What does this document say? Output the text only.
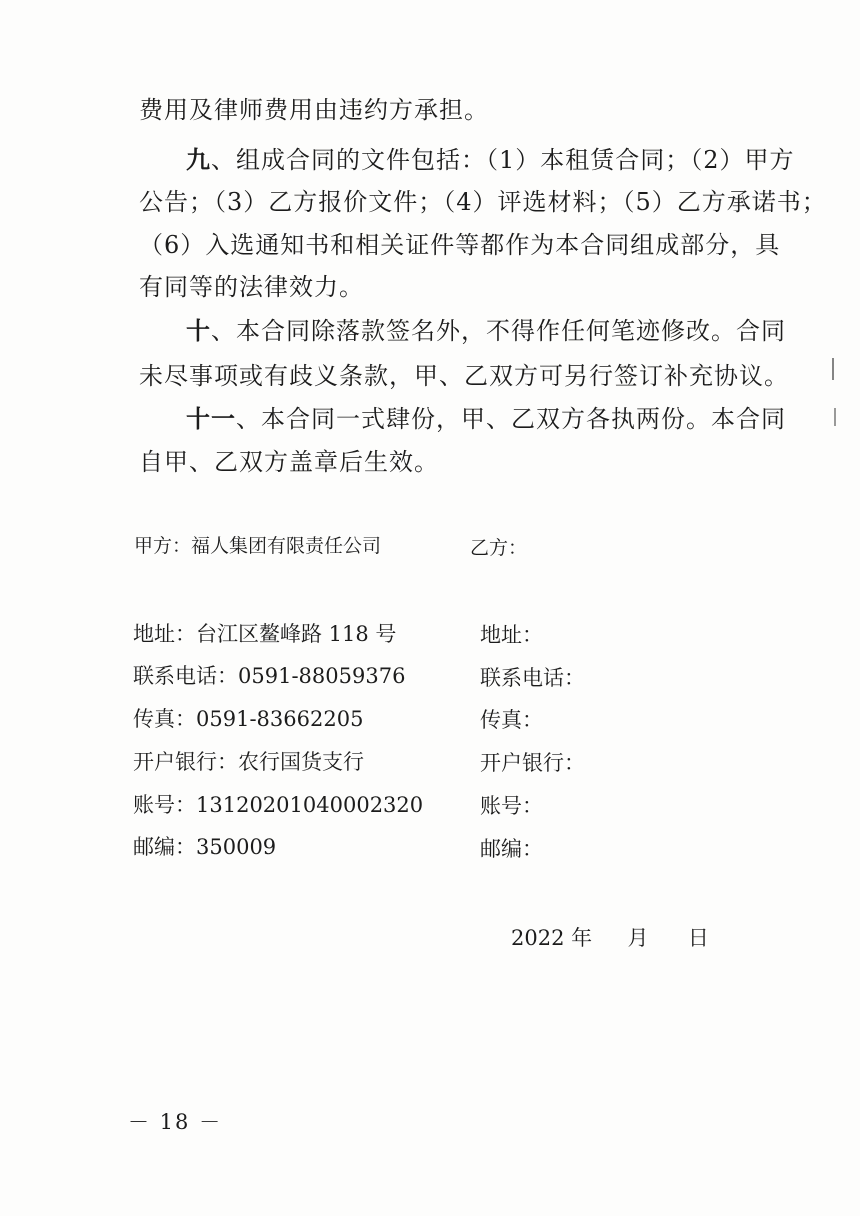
费用及律师费用由违约方承担。
九、组成合同的文件包括：（1）本租赁合同；（2）甲方
公告；（3）乙方报价文件；（4）评选材料；（5）乙方承诺书；
（6）入选通知书和相关证件等都作为本合同组成部分，具
有同等的法律效力。
十、本合同除落款签名外，不得作任何笔迹修改。合同
未尽事项或有歧义条款，甲、乙双方可另行签订补充协议。
十一、本合同一式肆份，甲、乙双方各执两份。本合同
自甲、乙双方盖章后生效。
甲方：福人集团有限责任公司	乙方：
地址：台江区鳌峰路 118 号
联系电话：0591-88059376
传真：0591-83662205
开户银行：农行国货支行
账号：13120201040002320
邮编：350009
地址：
联系电话：
传真：
开户银行：
账号：
邮编：
2022 年 月 日
－ 18 －
